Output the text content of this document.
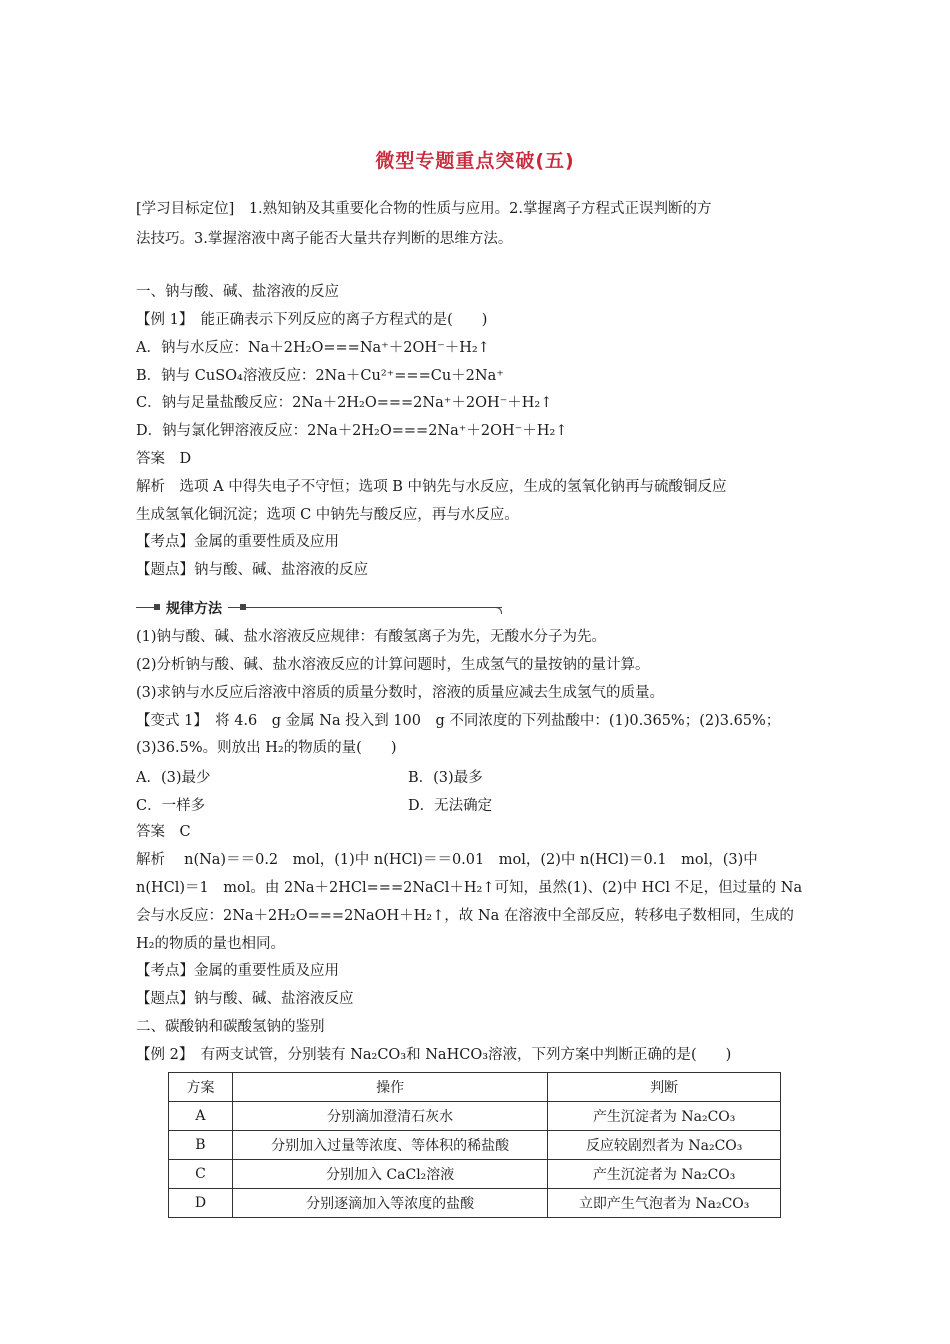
微型专题重点突破(五)
[学习目标定位]　1.熟知钠及其重要化合物的性质与应用。2.掌握离子方程式正误判断的方
法技巧。3.掌握溶液中离子能否大量共存判断的思维方法。
一、钠与酸、碱、盐溶液的反应
【例 1】　能正确表示下列反应的离子方程式的是(　　)
A．钠与水反应：Na＋2H₂O===Na⁺＋2OH⁻＋H₂↑
B．钠与 CuSO₄溶液反应：2Na＋Cu²⁺===Cu＋2Na⁺
C．钠与足量盐酸反应：2Na＋2H₂O===2Na⁺＋2OH⁻＋H₂↑
D．钠与氯化钾溶液反应：2Na＋2H₂O===2Na⁺＋2OH⁻＋H₂↑
答案　D
解析　选项 A 中得失电子不守恒；选项 B 中钠先与水反应，生成的氢氧化钠再与硫酸铜反应
生成氢氧化铜沉淀；选项 C 中钠先与酸反应，再与水反应。
【考点】金属的重要性质及应用
【题点】钠与酸、碱、盐溶液的反应
规律方法
(1)钠与酸、碱、盐水溶液反应规律：有酸氢离子为先，无酸水分子为先。
(2)分析钠与酸、碱、盐水溶液反应的计算问题时，生成氢气的量按钠的量计算。
(3)求钠与水反应后溶液中溶质的质量分数时，溶液的质量应减去生成氢气的质量。
【变式 1】　将 4.6　g 金属 Na 投入到 100　g 不同浓度的下列盐酸中：(1)0.365%；(2)3.65%；
(3)36.5%。则放出 H₂的物质的量(　　)
A．(3)最少	B．(3)最多
C．一样多	D．无法确定
答案　C
解析　 n(Na)＝＝0.2　mol，(1)中 n(HCl)＝＝0.01　mol，(2)中 n(HCl)＝0.1　mol，(3)中
n(HCl)＝1　mol。由 2Na＋2HCl===2NaCl＋H₂↑可知，虽然(1)、(2)中 HCl 不足，但过量的 Na
会与水反应：2Na＋2H₂O===2NaOH＋H₂↑，故 Na 在溶液中全部反应，转移电子数相同，生成的
H₂的物质的量也相同。
【考点】金属的重要性质及应用
【题点】钠与酸、碱、盐溶液反应
二、碳酸钠和碳酸氢钠的鉴别
【例 2】　有两支试管，分别装有 Na₂CO₃和 NaHCO₃溶液，下列方案中判断正确的是(　　)
方案	操作	判断
A	分别滴加澄清石灰水	产生沉淀者为 Na₂CO₃
B	分别加入过量等浓度、等体积的稀盐酸	反应较剧烈者为 Na₂CO₃
C	分别加入 CaCl₂溶液	产生沉淀者为 Na₂CO₃
D	分别逐滴加入等浓度的盐酸	立即产生气泡者为 Na₂CO₃
